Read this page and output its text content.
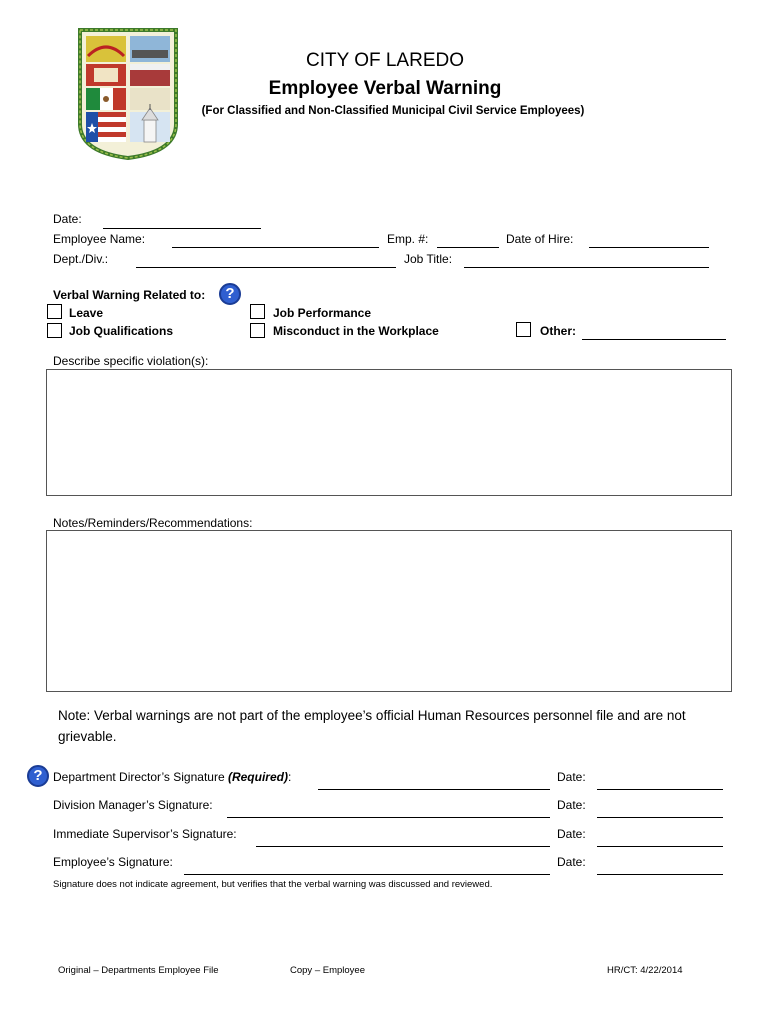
CITY OF LAREDO
Employee Verbal Warning
(For Classified and Non-Classified Municipal Civil Service Employees)
Date:
Employee Name:	Emp. #:	Date of Hire:
Dept./Div.:	Job Title:
Verbal Warning Related to:	?
Leave
Job Qualifications
Job Performance
Misconduct in the Workplace	Other:
Describe specific violation(s):
Notes/Reminders/Recommendations:
Note: Verbal warnings are not part of the employee’s official Human Resources personnel file and are not grievable.
? Department Director’s Signature (Required):	Date:
Division Manager’s Signature:	Date:
Immediate Supervisor’s Signature:	Date:
Employee’s Signature:	Date:
Signature does not indicate agreement, but verifies that the verbal warning was discussed and reviewed.
Original – Departments Employee File	Copy – Employee	HR/CT: 4/22/2014
